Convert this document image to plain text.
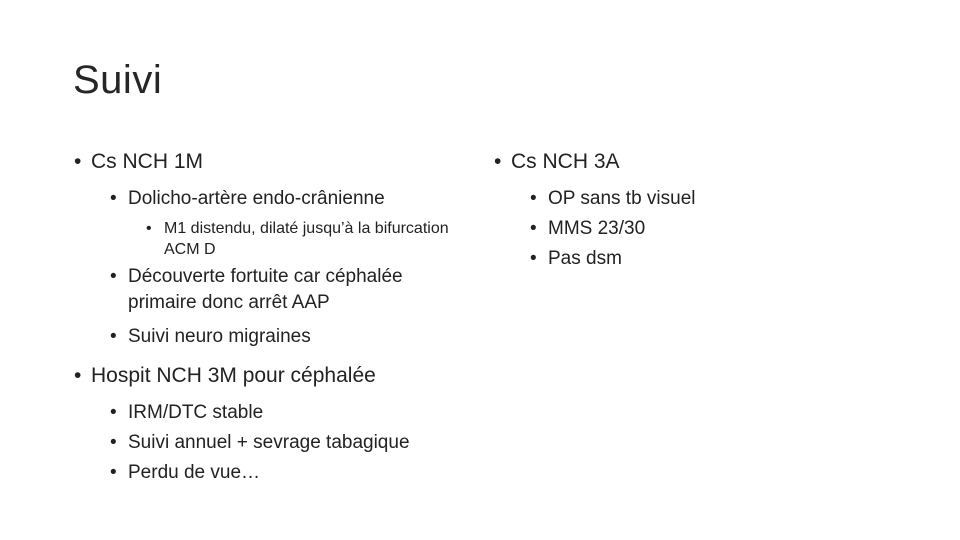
Suivi

• Cs NCH 1M

• Dolicho-artère endo-crânienne

• M1 distendu, dilaté jusqu’à la bifurcation ACM D

• Découverte fortuite car céphalée primaire donc arrêt AAP

• Suivi neuro migraines

• Hospit NCH 3M pour céphalée

• IRM/DTC stable

• Suivi annuel + sevrage tabagique

• Perdu de vue…

• Cs NCH 3A

• OP sans tb visuel

• MMS 23/30

• Pas dsm
